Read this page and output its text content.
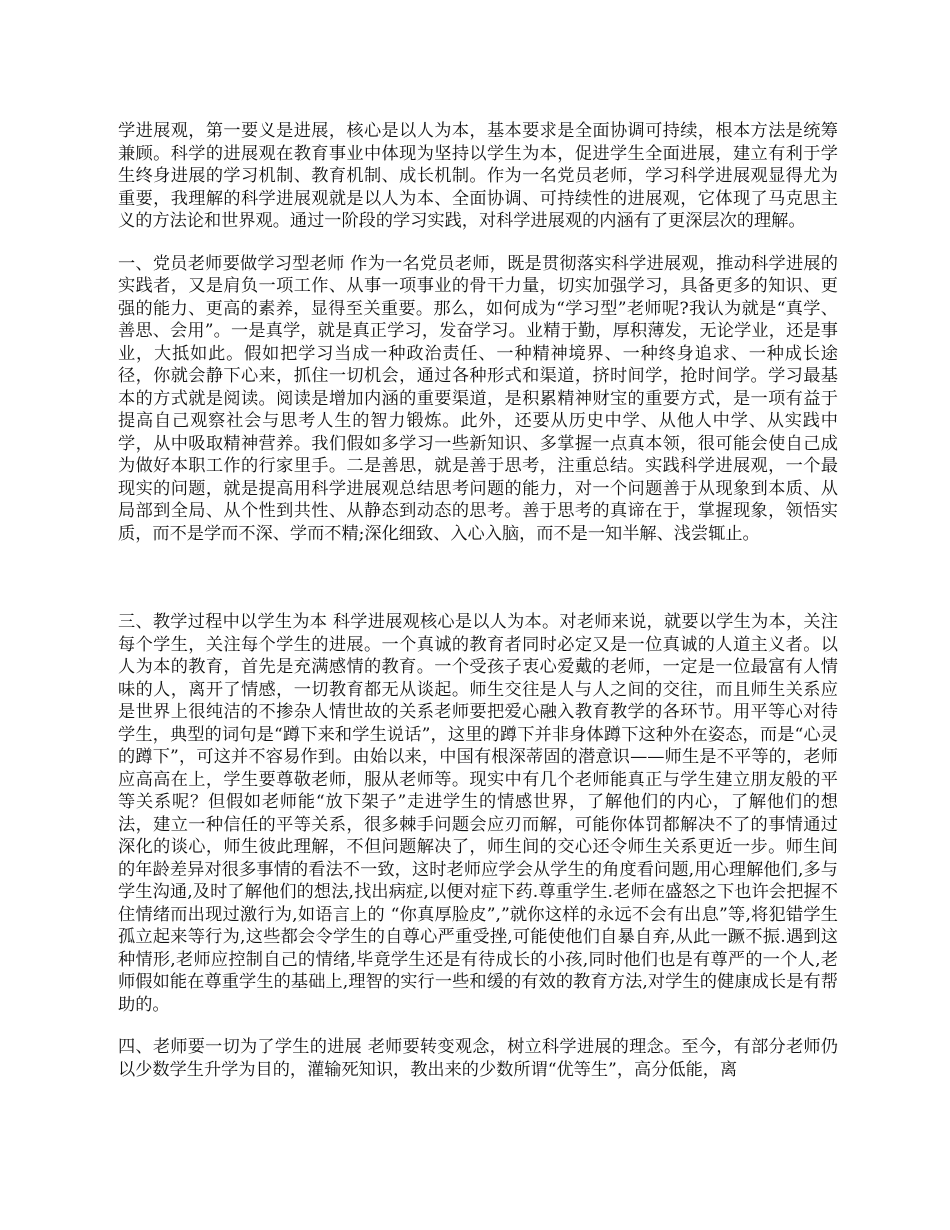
学进展观，第一要义是进展，核心是以人为本，基本要求是全面协调可持续，根本方法是统筹兼顾。科学的进展观在教育事业中体现为坚持以学生为本，促进学生全面进展，建立有利于学生终身进展的学习机制、教育机制、成长机制。作为一名党员老师，学习科学进展观显得尤为重要，我理解的科学进展观就是以人为本、全面协调、可持续性的进展观，它体现了马克思主义的方法论和世界观。通过一阶段的学习实践，对科学进展观的内涵有了更深层次的理解。

一、党员老师要做学习型老师 作为一名党员老师，既是贯彻落实科学进展观，推动科学进展的实践者，又是肩负一项工作、从事一项事业的骨干力量，切实加强学习，具备更多的知识、更强的能力、更高的素养，显得至关重要。那么，如何成为“学习型”老师呢?我认为就是“真学、善思、会用”。一是真学，就是真正学习，发奋学习。业精于勤，厚积薄发，无论学业，还是事业，大抵如此。假如把学习当成一种政治责任、一种精神境界、一种终身追求、一种成长途径，你就会静下心来，抓住一切机会，通过各种形式和渠道，挤时间学，抢时间学。学习最基本的方式就是阅读。阅读是增加内涵的重要渠道，是积累精神财宝的重要方式，是一项有益于提高自己观察社会与思考人生的智力锻炼。此外，还要从历史中学、从他人中学、从实践中学，从中吸取精神营养。我们假如多学习一些新知识、多掌握一点真本领，很可能会使自己成为做好本职工作的行家里手。二是善思，就是善于思考，注重总结。实践科学进展观，一个最现实的问题，就是提高用科学进展观总结思考问题的能力，对一个问题善于从现象到本质、从局部到全局、从个性到共性、从静态到动态的思考。善于思考的真谛在于，掌握现象，领悟实质，而不是学而不深、学而不精;深化细致、入心入脑，而不是一知半解、浅尝辄止。

三、教学过程中以学生为本 科学进展观核心是以人为本。对老师来说，就要以学生为本，关注每个学生，关注每个学生的进展。一个真诚的教育者同时必定又是一位真诚的人道主义者。以人为本的教育，首先是充满感情的教育。一个受孩子衷心爱戴的老师，一定是一位最富有人情味的人，离开了情感，一切教育都无从谈起。师生交往是人与人之间的交往，而且师生关系应是世界上很纯洁的不掺杂人情世故的关系老师要把爱心融入教育教学的各环节。用平等心对待学生，典型的词句是“蹲下来和学生说话”，这里的蹲下并非身体蹲下这种外在姿态，而是“心灵的蹲下”，可这并不容易作到。由始以来，中国有根深蒂固的潜意识——师生是不平等的，老师应高高在上，学生要尊敬老师，服从老师等。现实中有几个老师能真正与学生建立朋友般的平等关系呢？但假如老师能“放下架子”走进学生的情感世界，了解他们的内心，了解他们的想法，建立一种信任的平等关系，很多棘手问题会应刃而解，可能你体罚都解决不了的事情通过深化的谈心，师生彼此理解，不但问题解决了，师生间的交心还令师生关系更近一步。师生间的年龄差异对很多事情的看法不一致，这时老师应学会从学生的角度看问题,用心理解他们,多与学生沟通,及时了解他们的想法,找出病症,以便对症下药.尊重学生.老师在盛怒之下也许会把握不住情绪而出现过激行为,如语言上的 “你真厚脸皮”,”就你这样的永远不会有出息”等,将犯错学生孤立起来等行为,这些都会令学生的自尊心严重受挫,可能使他们自暴自弃,从此一蹶不振.遇到这种情形,老师应控制自己的情绪,毕竟学生还是有待成长的小孩,同时他们也是有尊严的一个人,老师假如能在尊重学生的基础上,理智的实行一些和缓的有效的教育方法,对学生的健康成长是有帮助的。

四、老师要一切为了学生的进展 老师要转变观念，树立科学进展的理念。至今，有部分老师仍以少数学生升学为目的，灌输死知识，教出来的少数所谓“优等生”，高分低能，离
